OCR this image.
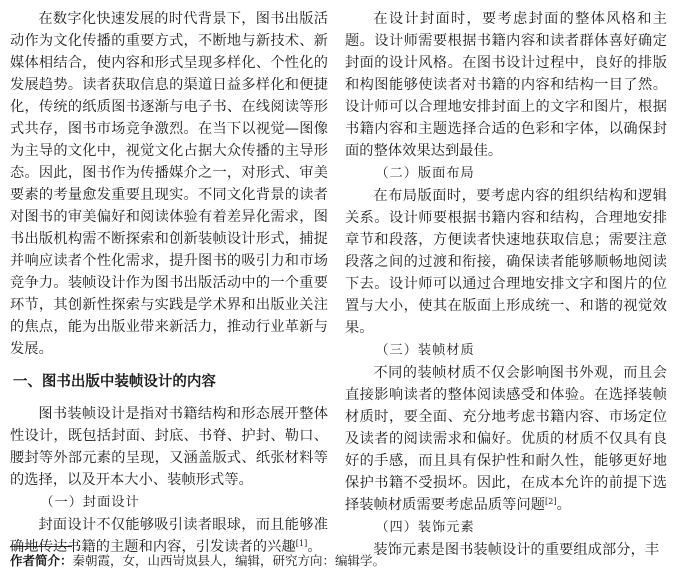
在数字化快速发展的时代背景下，图书出版活动作为文化传播的重要方式，不断地与新技术、新媒体相结合，使内容和形式呈现多样化、个性化的发展趋势。读者获取信息的渠道日益多样化和便捷化，传统的纸质图书逐渐与电子书、在线阅读等形式共存，图书市场竞争激烈。在当下以视觉—图像为主导的文化中，视觉文化占据大众传播的主导形态。因此，图书作为传播媒介之一，对形式、审美要素的考量愈发重要且现实。不同文化背景的读者对图书的审美偏好和阅读体验有着差异化需求，图书出版机构需不断探索和创新装帧设计形式，捕捉并响应读者个性化需求，提升图书的吸引力和市场竞争力。装帧设计作为图书出版活动中的一个重要环节，其创新性探索与实践是学术界和出版业关注的焦点，能为出版业带来新活力，推动行业革新与发展。

一、图书出版中装帧设计的内容

图书装帧设计是指对书籍结构和形态展开整体性设计，既包括封面、封底、书脊、护封、勒口、腰封等外部元素的呈现，又涵盖版式、纸张材料等的选择，以及开本大小、装帧形式等。

（一）封面设计

封面设计不仅能够吸引读者眼球，而且能够准确地传达书籍的主题和内容，引发读者的兴趣[1]。

在设计封面时，要考虑封面的整体风格和主题。设计师需要根据书籍内容和读者群体喜好确定封面的设计风格。在图书设计过程中，良好的排版和构图能够使读者对书籍的内容和结构一目了然。设计师可以合理地安排封面上的文字和图片，根据书籍内容和主题选择合适的色彩和字体，以确保封面的整体效果达到最佳。

（二）版面布局

在布局版面时，要考虑内容的组织结构和逻辑关系。设计师要根据书籍内容和结构，合理地安排章节和段落，方便读者快速地获取信息；需要注意段落之间的过渡和衔接，确保读者能够顺畅地阅读下去。设计师可以通过合理地安排文字和图片的位置与大小，使其在版面上形成统一、和谐的视觉效果。

（三）装帧材质

不同的装帧材质不仅会影响图书外观，而且会直接影响读者的整体阅读感受和体验。在选择装帧材质时，要全面、充分地考虑书籍内容、市场定位及读者的阅读需求和偏好。优质的材质不仅具有良好的手感，而且具有保护性和耐久性，能够更好地保护书籍不受损坏。因此，在成本允许的前提下选择装帧材质需要考虑品质等问题[2]。

（四）装饰元素

装饰元素是图书装帧设计的重要组成部分，丰

作者简介：秦朝霞，女，山西岢岚县人，编辑，研究方向：编辑学。
